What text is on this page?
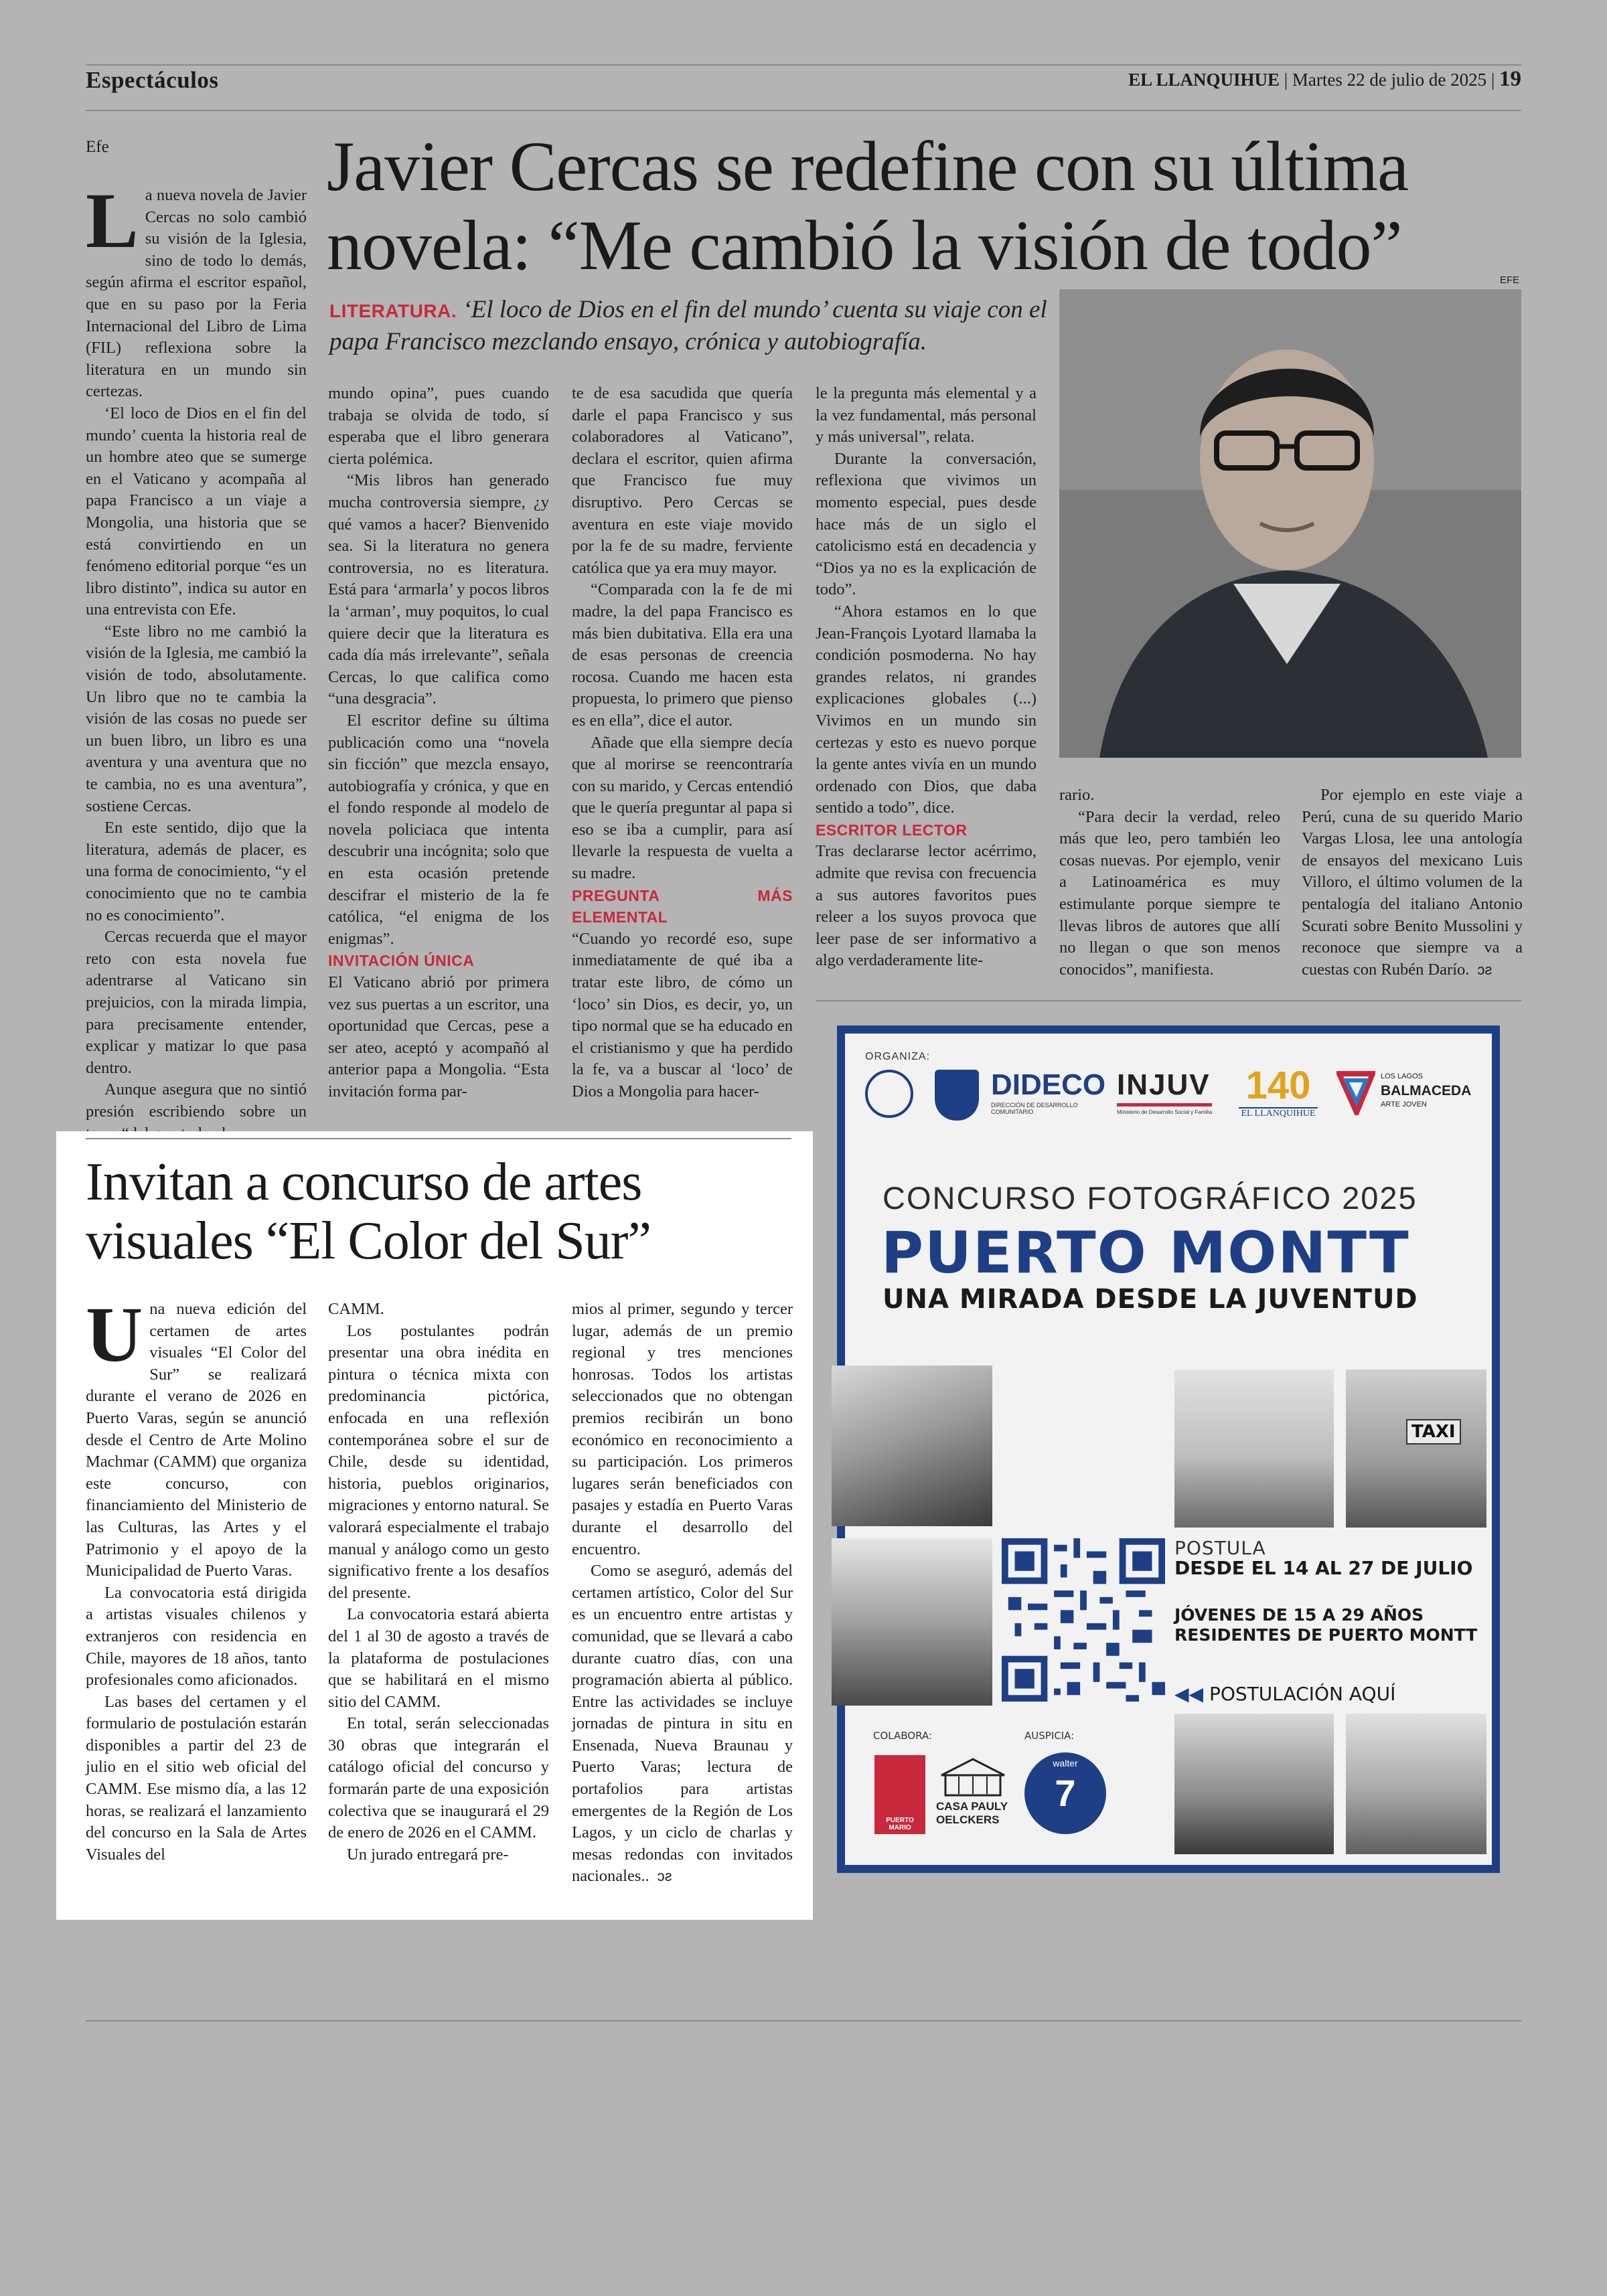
Espectáculos	EL LLANQUIHUE | Martes 22 de julio de 2025 | 19
Efe	Javier Cercas se redefine con su última
novela: “Me cambió la visión de todo”	EFE
LITERATURA. ‘El loco de Dios en el fin del mundo’ cuenta su viaje con el papa Francisco mezclando ensayo, crónica y autobiografía.

La nueva novela de Javier Cercas no solo cambió su visión de la Iglesia, sino de todo lo demás, según afirma el escritor español, que en su paso por la Feria Internacional del Libro de Lima (FIL) reflexiona sobre la literatura en un mundo sin certezas.

‘El loco de Dios en el fin del mundo’ cuenta la historia real de un hombre ateo que se sumerge en el Vaticano y acompaña al papa Francisco a un viaje a Mongolia, una historia que se está convirtiendo en un fenómeno editorial porque “es un libro distinto”, indica su autor en una entrevista con Efe.

“Este libro no me cambió la visión de la Iglesia, me cambió la visión de todo, absolutamente. Un libro que no te cambia la visión de las cosas no puede ser un buen libro, un libro es una aventura y una aventura que no te cambia, no es una aventura”, sostiene Cercas.

En este sentido, dijo que la literatura, además de placer, es una forma de conocimiento, “y el conocimiento que no te cambia no es conocimiento”.

Cercas recuerda que el mayor reto con esta novela fue adentrarse al Vaticano sin prejuicios, con la mirada limpia, para precisamente entender, explicar y matizar lo que pasa dentro.

Aunque asegura que no sintió presión escribiendo sobre un

mundo opina”, pues cuando trabaja se olvida de todo, sí esperaba que el libro generara cierta polémica.

“Mis libros han generado mucha controversia siempre, ¿y qué vamos a hacer? Bienvenido sea. Si la literatura no genera controversia, no es literatura. Está para ‘armarla’ y pocos libros la ‘arman’, muy poquitos, lo cual quiere decir que la literatura es cada día más irrelevante”, señala Cercas, lo que califica como “una desgracia”.

El escritor define su última publicación como una “novela sin ficción” que mezcla ensayo, autobiografía y crónica, y que en el fondo responde al modelo de novela policiaca que intenta descubrir una incógnita; solo que en esta ocasión pretende descifrar el misterio de la fe católica, “el enigma de los enigmas”.

INVITACIÓN ÚNICA

El Vaticano abrió por primera vez sus puertas a un escritor, una oportunidad que Cercas, pese a ser ateo, aceptó y acompañó al anterior papa a Mongolia. “Esta invitación forma par-

te de esa sacudida que quería darle el papa Francisco y sus colaboradores al Vaticano”, declara el escritor, quien afirma que Francisco fue muy disruptivo. Pero Cercas se aventura en este viaje movido por la fe de su madre, ferviente católica que ya era muy mayor.

“Comparada con la fe de mi madre, la del papa Francisco es más bien dubitativa. Ella era una de esas personas de creencia rocosa. Cuando me hacen esta propuesta, lo primero que pienso es en ella”, dice el autor.

Añade que ella siempre decía que al morirse se reencontraría con su marido, y Cercas entendió que le quería preguntar al papa si eso se iba a cumplir, para así llevarle la respuesta de vuelta a su madre.

PREGUNTA MÁS ELEMENTAL

“Cuando yo recordé eso, supe inmediatamente de qué iba a tratar este libro, de cómo un ‘loco’ sin Dios, es decir, yo, un tipo normal que se ha educado en el cristianismo y que ha perdido la fe, va a buscar al ‘loco’ de Dios a Mongolia para hacer-

le la pregunta más elemental y a la vez fundamental, más personal y más universal”, relata.

Durante la conversación, reflexiona que vivimos un momento especial, pues desde hace más de un siglo el catolicismo está en decadencia y “Dios ya no es la explicación de todo”.

“Ahora estamos en lo que Jean-François Lyotard llamaba la condición posmoderna. No hay grandes relatos, ni grandes explicaciones globales (...) Vivimos en un mundo sin certezas y esto es nuevo porque la gente antes vivía en un mundo ordenado con Dios, que daba sentido a todo”, dice.

ESCRITOR LECTOR

Tras declararse lector acérrimo, admite que revisa con frecuencia a sus autores favoritos pues releer a los suyos provoca que leer pase de ser informativo a algo verdaderamente lite-

rario.

“Para decir la verdad, releo más que leo, pero también leo cosas nuevas. Por ejemplo, venir a Latinoamérica es muy estimulante porque siempre te llevas libros de autores que allí no llegan o que son menos conocidos”, manifiesta.

Por ejemplo en este viaje a Perú, cuna de su querido Mario Vargas Llosa, lee una antología de ensayos del mexicano Luis Villoro, el último volumen de la pentalogía del italiano Antonio Scurati sobre Benito Mussolini y reconoce que siempre va a cuestas con Rubén Darío. ↄƨ

Invitan a concurso de artes
visuales “El Color del Sur”

Una nueva edición del certamen de artes visuales “El Color del Sur” se realizará durante el verano de 2026 en Puerto Varas, según se anunció desde el Centro de Arte Molino Machmar (CAMM) que organiza este concurso, con financiamiento del Ministerio de las Culturas, las Artes y el Patrimonio y el apoyo de la Municipalidad de Puerto Varas.

La convocatoria está dirigida a artistas visuales chilenos y extranjeros con residencia en Chile, mayores de 18 años, tanto profesionales como aficionados.

Las bases del certamen y el formulario de postulación estarán disponibles a partir del 23 de julio en el sitio web oficial del CAMM. Ese mismo día, a las 12 horas, se realizará el lanzamiento del concurso en la Sala de Artes Visuales del

CAMM.

Los postulantes podrán presentar una obra inédita en pintura o técnica mixta con predominancia pictórica, enfocada en una reflexión contemporánea sobre el sur de Chile, desde su identidad, historia, pueblos originarios, migraciones y entorno natural. Se valorará especialmente el trabajo manual y análogo como un gesto significativo frente a los desafíos del presente.

La convocatoria estará abierta del 1 al 30 de agosto a través de la plataforma de postulaciones que se habilitará en el mismo sitio del CAMM.

En total, serán seleccionadas 30 obras que integrarán el catálogo oficial del concurso y formarán parte de una exposición colectiva que se inaugurará el 29 de enero de 2026 en el CAMM.

Un jurado entregará pre-

mios al primer, segundo y tercer lugar, además de un premio regional y tres menciones honrosas. Todos los artistas seleccionados que no obtengan premios recibirán un bono económico en reconocimiento a su participación. Los primeros lugares serán beneficiados con pasajes y estadía en Puerto Varas durante el desarrollo del encuentro.

Como se aseguró, además del certamen artístico, Color del Sur es un encuentro entre artistas y comunidad, que se llevará a cabo durante cuatro días, con una programación abierta al público. Entre las actividades se incluye jornadas de pintura in situ en Ensenada, Nueva Braunau y Puerto Varas; lectura de portafolios para artistas emergentes de la Región de Los Lagos, y un ciclo de charlas y mesas redondas con invitados nacionales.. ↄƨ

ORGANIZA:
DIDECO
DIRECCIÓN DE DESARROLLO COMUNITARIO
INJUV
Ministerio de Desarrollo Social y Familia
140
EL LLANQUIHUE
LOS LAGOS
BALMACEDA
ARTE JOVEN
CONCURSO FOTOGRÁFICO 2025
PUERTO MONTT
UNA MIRADA DESDE LA JUVENTUD
TAXI
POSTULA
DESDE EL 14 AL 27 DE JULIO
JÓVENES DE 15 A 29 AÑOS
RESIDENTES DE PUERTO MONTT
◀◀ POSTULACIÓN AQUÍ
COLABORA:	AUSPICIA:
PUERTO MARIO
CASA PAULY
OELCKERS
walter
7
